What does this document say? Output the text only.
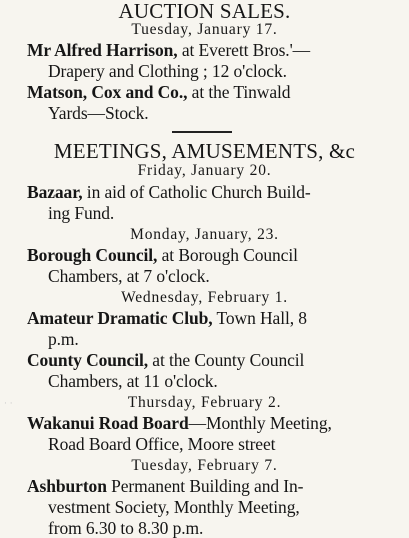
AUCTION SALES.
Tuesday, January 17.
Mr Alfred Harrison, at Everett Bros.'—
Drapery and Clothing ; 12 o'clock.
Matson, Cox and Co., at the Tinwald
Yards—Stock.
MEETINGS, AMUSEMENTS, &c
Friday, January 20.
Bazaar, in aid of Catholic Church Build-
ing Fund.
Monday, January, 23.
Borough Council, at Borough Council
Chambers, at 7 o'clock.
Wednesday, February 1.
Amateur Dramatic Club, Town Hall, 8
p.m.
County Council, at the County Council
Chambers, at 11 o'clock.
Thursday, February 2.
Wakanui Road Board—Monthly Meeting,
Road Board Office, Moore street
Tuesday, February 7.
Ashburton Permanent Building and In-
vestment Society, Monthly Meeting,
from 6.30 to 8.30 p.m.
· ·
